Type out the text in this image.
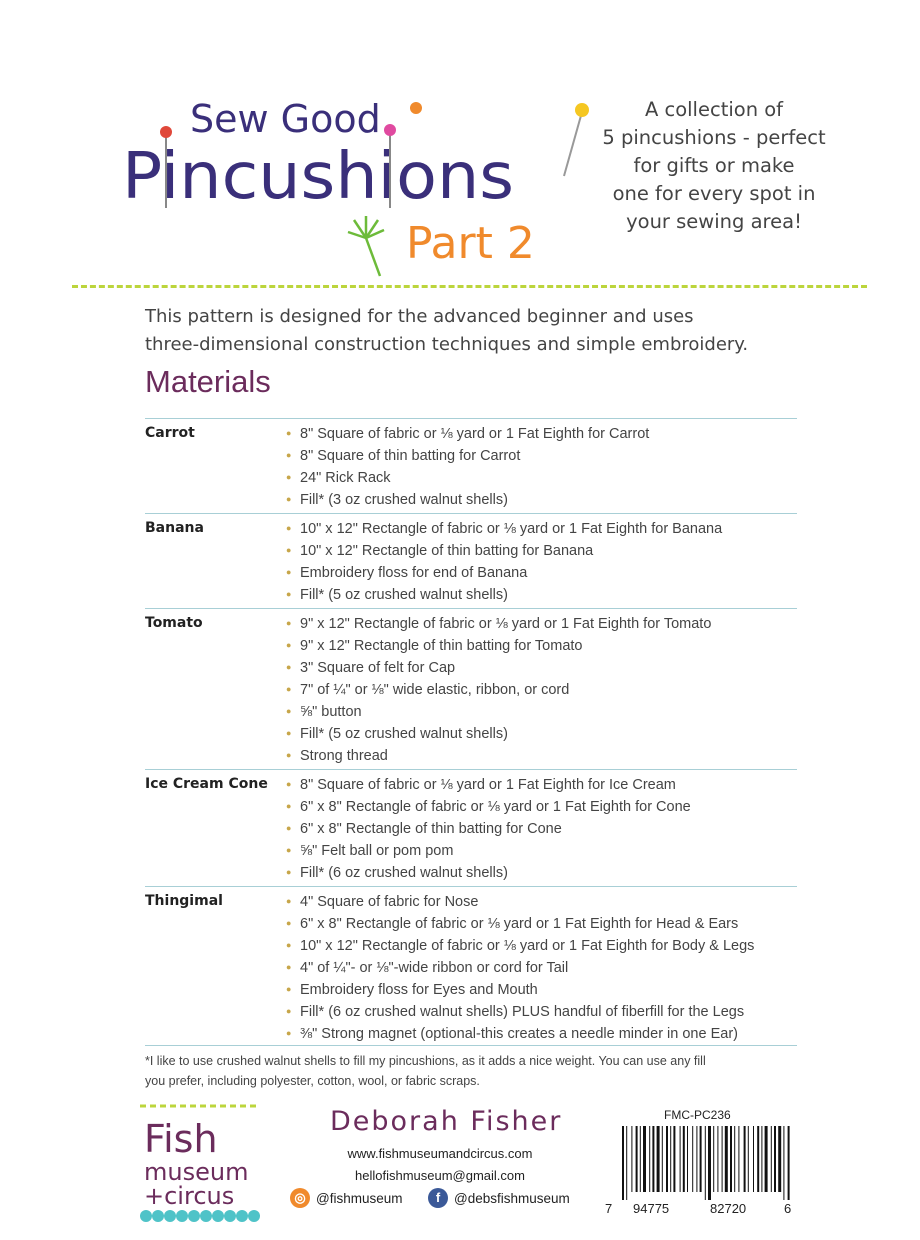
Sew Good
Pincushions
Part 2
A collection of
5 pincushions - perfect
for gifts or make
one for every spot in
your sewing area!
This pattern is designed for the advanced beginner and uses
three-dimensional construction techniques and simple embroidery.
Materials
Carrot	● 8" Square of fabric or ⅛ yard or 1 Fat Eighth for Carrot
● 8" Square of thin batting for Carrot
● 24" Rick Rack
● Fill* (3 oz crushed walnut shells)
Banana	● 10" x 12" Rectangle of fabric or ⅛ yard or 1 Fat Eighth for Banana
● 10" x 12" Rectangle of thin batting for Banana
● Embroidery floss for end of Banana
● Fill* (5 oz crushed walnut shells)
Tomato	● 9" x 12" Rectangle of fabric or ⅛ yard or 1 Fat Eighth for Tomato
● 9" x 12" Rectangle of thin batting for Tomato
● 3" Square of felt for Cap
● 7" of ¼" or ⅛" wide elastic, ribbon, or cord
● ⅝" button
● Fill* (5 oz crushed walnut shells)
● Strong thread
Ice Cream Cone ● 8" Square of fabric or ⅛ yard or 1 Fat Eighth for Ice Cream
● 6" x 8" Rectangle of fabric or ⅛ yard or 1 Fat Eighth for Cone
● 6" x 8" Rectangle of thin batting for Cone
● ⅝" Felt ball or pom pom
● Fill* (6 oz crushed walnut shells)
Thingimal	● 4" Square of fabric for Nose
● 6" x 8" Rectangle of fabric or ⅛ yard or 1 Fat Eighth for Head & Ears
● 10" x 12" Rectangle of fabric or ⅛ yard or 1 Fat Eighth for Body & Legs
● 4" of ¼"- or ⅛"-wide ribbon or cord for Tail
● Embroidery floss for Eyes and Mouth
● Fill* (6 oz crushed walnut shells) PLUS handful of fiberfill for the Legs
● ⅜" Strong magnet (optional-this creates a needle minder in one Ear)
*I like to use crushed walnut shells to fill my pincushions, as it adds a nice weight. You can use any fill
you prefer, including polyester, cotton, wool, or fabric scraps.
Fish
museum
+circus
Deborah Fisher
www.fishmuseumandcircus.com
hellofishmuseum@gmail.com
◎ @fishmuseum	f	@debsfishmuseum
FMC-PC236
7 94775	82720	6
